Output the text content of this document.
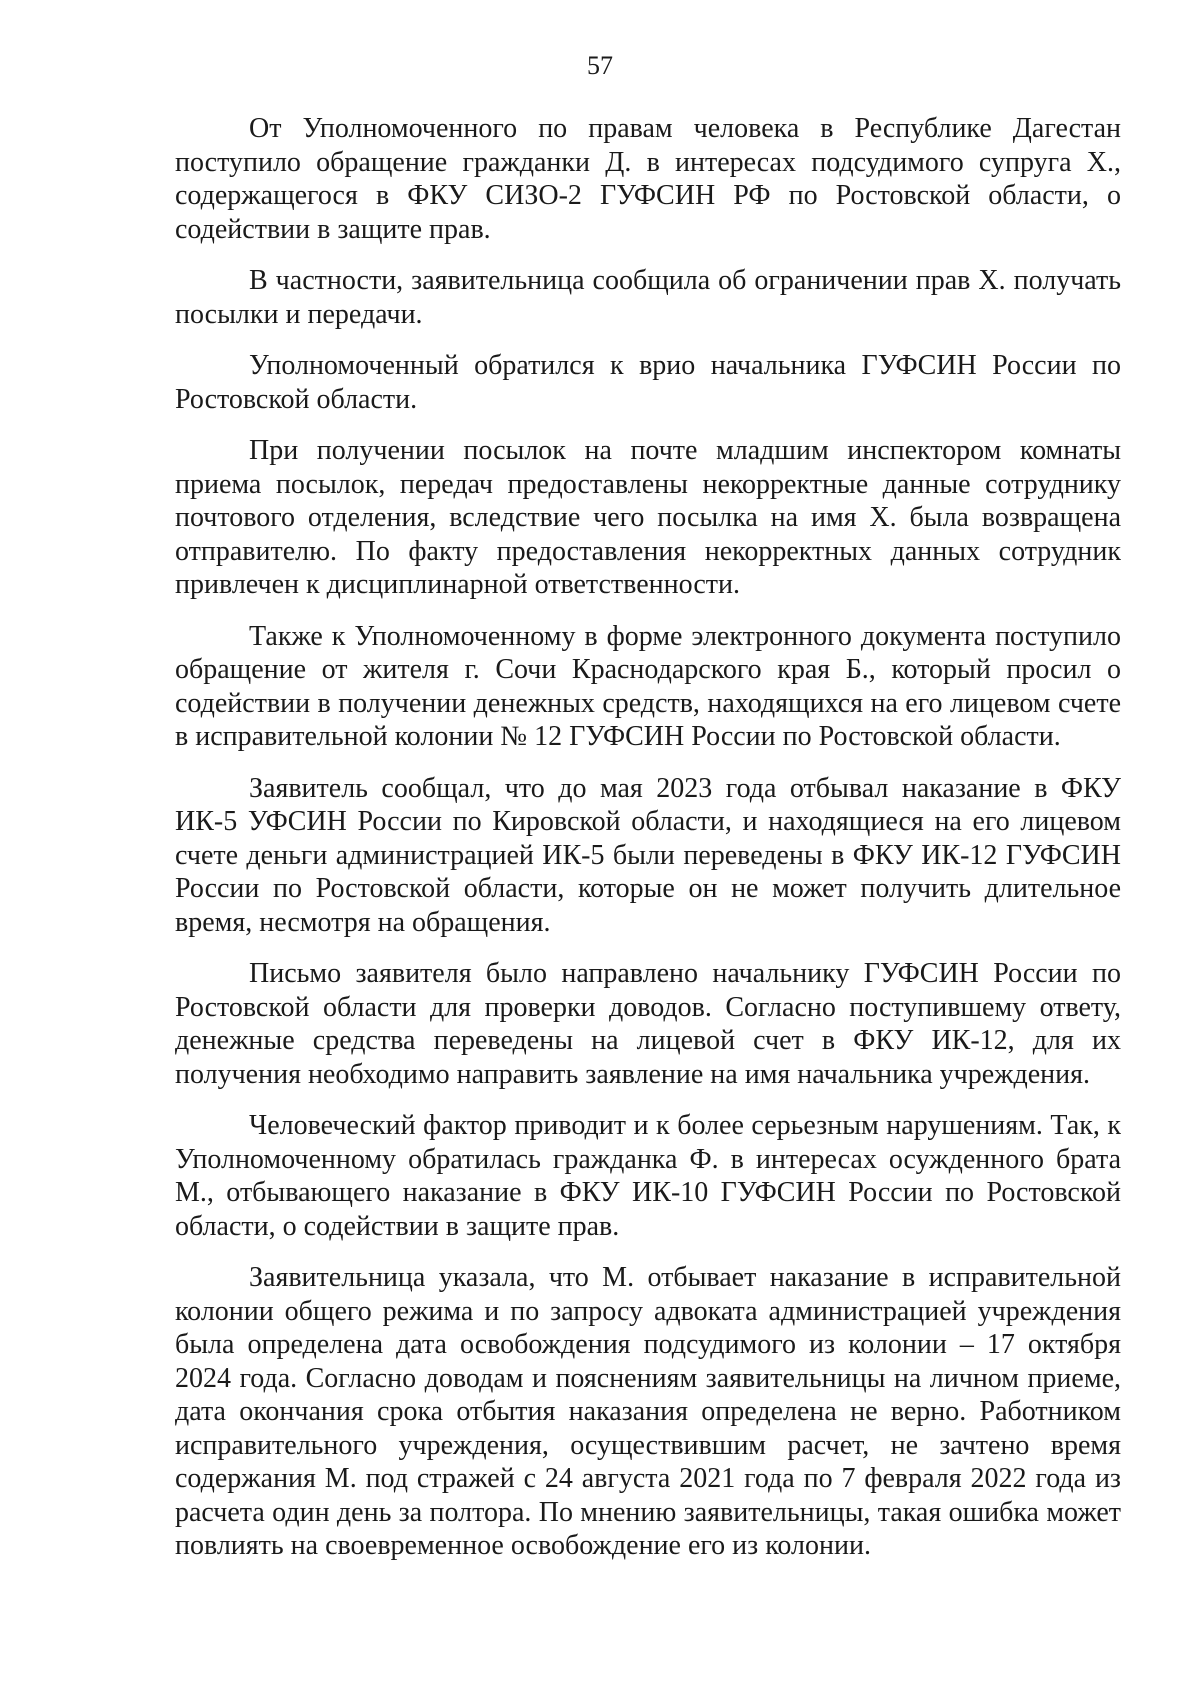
57

От Уполномоченного по правам человека в Республике Дагестан поступило обращение гражданки Д. в интересах подсудимого супруга Х., содержащегося в ФКУ СИЗО-2 ГУФСИН РФ по Ростовской области, о содействии в защите прав.

В частности, заявительница сообщила об ограничении прав Х. получать посылки и передачи.

Уполномоченный обратился к врио начальника ГУФСИН России по Ростовской области.

При получении посылок на почте младшим инспектором комнаты приема посылок, передач предоставлены некорректные данные сотруднику почтового отделения, вследствие чего посылка на имя Х. была возвращена отправителю. По факту предоставления некорректных данных сотрудник привлечен к дисциплинарной ответственности.

Также к Уполномоченному в форме электронного документа поступило обращение от жителя г. Сочи Краснодарского края Б., который просил о содействии в получении денежных средств, находящихся на его лицевом счете в исправительной колонии № 12 ГУФСИН России по Ростовской области.

Заявитель сообщал, что до мая 2023 года отбывал наказание в ФКУ ИК-5 УФСИН России по Кировской области, и находящиеся на его лицевом счете деньги администрацией ИК-5 были переведены в ФКУ ИК-12 ГУФСИН России по Ростовской области, которые он не может получить длительное время, несмотря на обращения.

Письмо заявителя было направлено начальнику ГУФСИН России по Ростовской области для проверки доводов. Согласно поступившему ответу, денежные средства переведены на лицевой счет в ФКУ ИК-12, для их получения необходимо направить заявление на имя начальника учреждения.

Человеческий фактор приводит и к более серьезным нарушениям. Так, к Уполномоченному обратилась гражданка Ф. в интересах осужденного брата М., отбывающего наказание в ФКУ ИК-10 ГУФСИН России по Ростовской области, о содействии в защите прав.

Заявительница указала, что М. отбывает наказание в исправительной колонии общего режима и по запросу адвоката администрацией учреждения была определена дата освобождения подсудимого из колонии – 17 октября 2024 года. Согласно доводам и пояснениям заявительницы на личном приеме, дата окончания срока отбытия наказания определена не верно. Работником исправительного учреждения, осуществившим расчет, не зачтено время содержания М. под стражей с 24 августа 2021 года по 7 февраля 2022 года из расчета один день за полтора. По мнению заявительницы, такая ошибка может повлиять на своевременное освобождение его из колонии.
